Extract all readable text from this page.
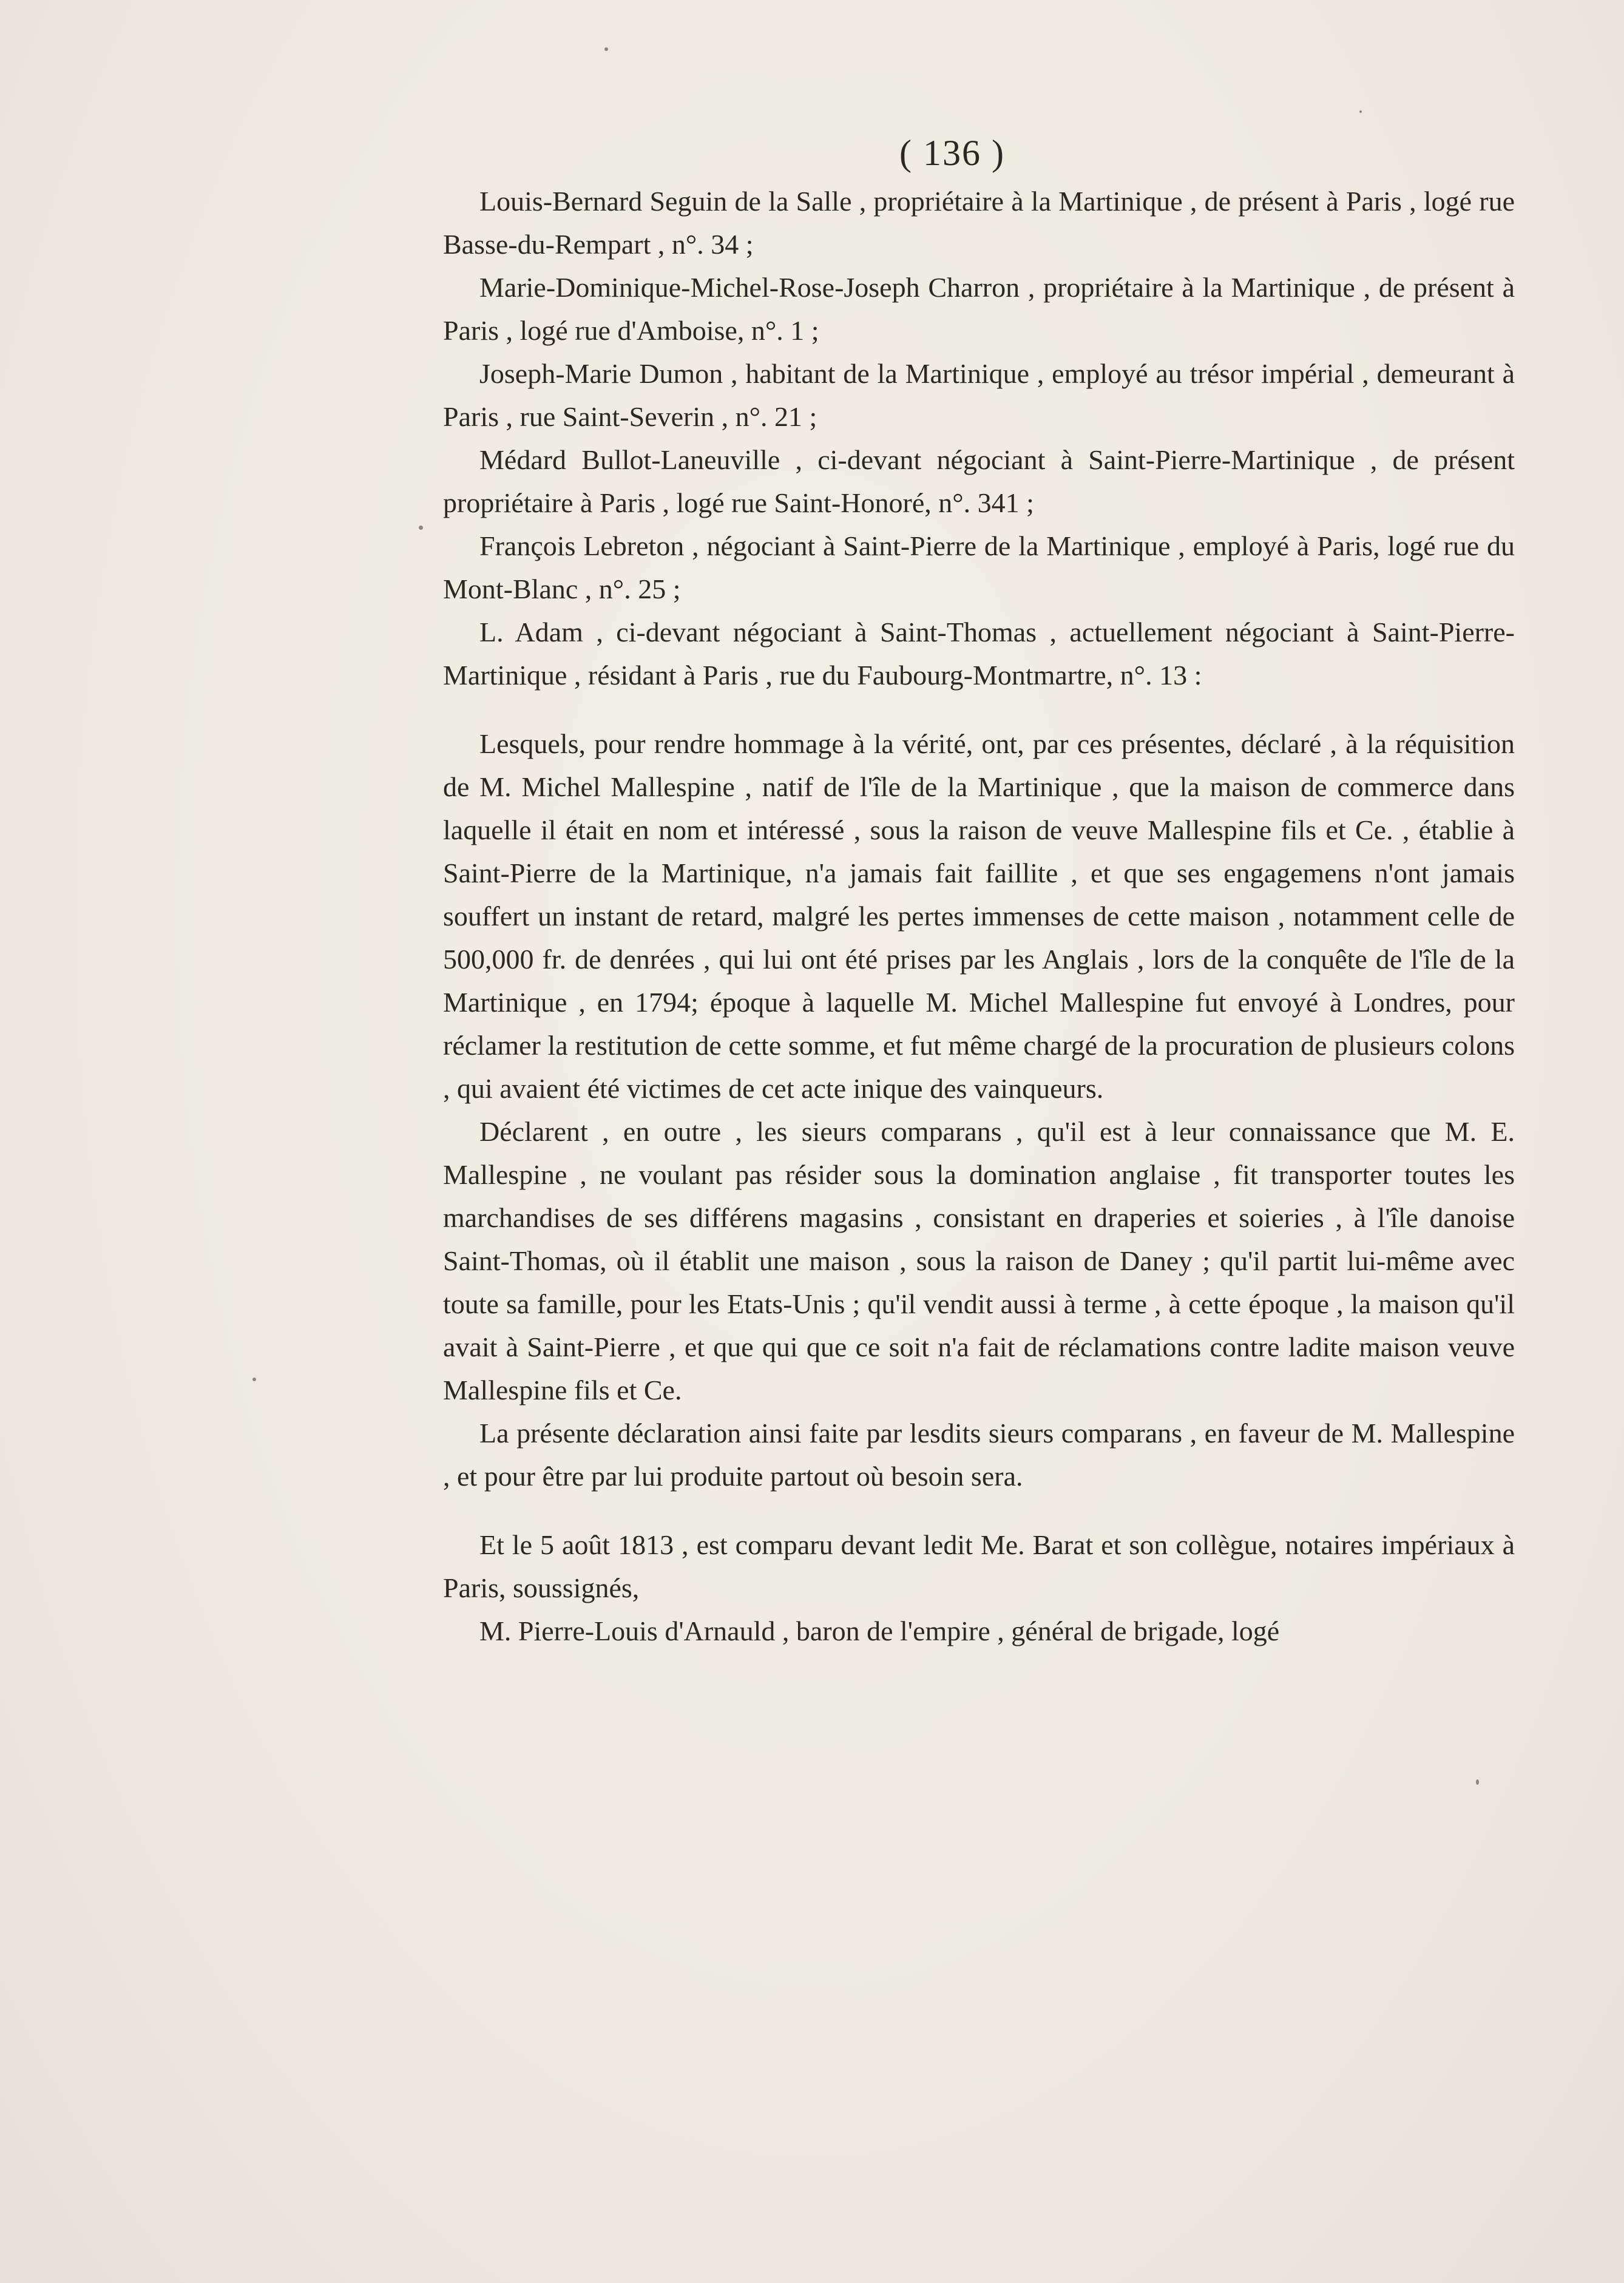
( 136 )

Louis-Bernard Seguin de la Salle , propriétaire à la Martinique , de présent à Paris , logé rue Basse-du-Rempart , n°. 34 ;

Marie-Dominique-Michel-Rose-Joseph Charron , propriétaire à la Martinique , de présent à Paris , logé rue d'Amboise, n°. 1 ;

Joseph-Marie Dumon , habitant de la Martinique , employé au trésor impérial , demeurant à Paris , rue Saint-Severin , n°. 21 ;

Médard Bullot-Laneuville , ci-devant négociant à Saint-Pierre-Martinique , de présent propriétaire à Paris , logé rue Saint-Honoré, n°. 341 ;

François Lebreton , négociant à Saint-Pierre de la Martinique , employé à Paris, logé rue du Mont-Blanc , n°. 25 ;

L. Adam , ci-devant négociant à Saint-Thomas , actuellement négociant à Saint-Pierre-Martinique , résidant à Paris , rue du Faubourg-Montmartre, n°. 13 :

Lesquels, pour rendre hommage à la vérité, ont, par ces présentes, déclaré , à la réquisition de M. Michel Mallespine , natif de l'île de la Martinique , que la maison de commerce dans laquelle il était en nom et intéressé , sous la raison de veuve Mallespine fils et Ce. , établie à Saint-Pierre de la Martinique, n'a jamais fait faillite , et que ses engagemens n'ont jamais souffert un instant de retard, malgré les pertes immenses de cette maison , notamment celle de 500,000 fr. de denrées , qui lui ont été prises par les Anglais , lors de la conquête de l'île de la Martinique , en 1794; époque à laquelle M. Michel Mallespine fut envoyé à Londres, pour réclamer la restitution de cette somme, et fut même chargé de la procuration de plusieurs colons , qui avaient été victimes de cet acte inique des vainqueurs.

Déclarent , en outre , les sieurs comparans , qu'il est à leur connaissance que M. E. Mallespine , ne voulant pas résider sous la domination anglaise , fit transporter toutes les marchandises de ses différens magasins , consistant en draperies et soieries , à l'île danoise Saint-Thomas, où il établit une maison , sous la raison de Daney ; qu'il partit lui-même avec toute sa famille, pour les Etats-Unis ; qu'il vendit aussi à terme , à cette époque , la maison qu'il avait à Saint-Pierre , et que qui que ce soit n'a fait de réclamations contre ladite maison veuve Mallespine fils et Ce.

La présente déclaration ainsi faite par lesdits sieurs comparans , en faveur de M. Mallespine , et pour être par lui produite partout où besoin sera.

Et le 5 août 1813 , est comparu devant ledit Me. Barat et son collègue, notaires impériaux à Paris, soussignés,

M. Pierre-Louis d'Arnauld , baron de l'empire , général de brigade, logé
